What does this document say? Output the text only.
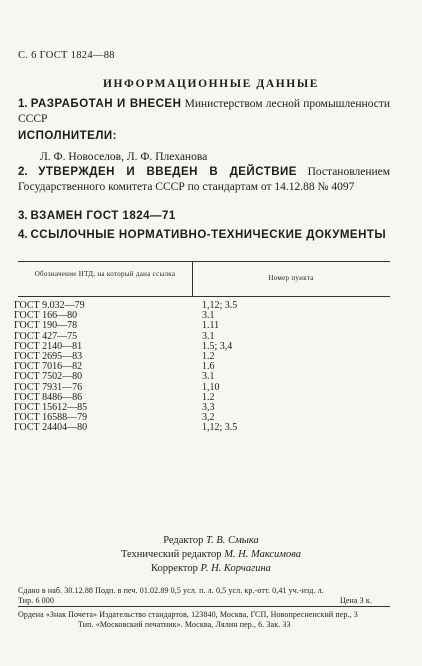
С. 6 ГОСТ 1824—88
ИНФОРМАЦИОННЫЕ ДАННЫЕ
1. РАЗРАБОТАН И ВНЕСЕН Министерством лесной промышленности СССР
ИСПОЛНИТЕЛИ:
Л. Ф. Новоселов, Л. Ф. Плеханова
2. УТВЕРЖДЕН И ВВЕДЕН В ДЕЙСТВИЕ Постановлением Государственного комитета СССР по стандартам от 14.12.88 № 4097
3. ВЗАМЕН ГОСТ 1824—71
4. ССЫЛОЧНЫЕ НОРМАТИВНО-ТЕХНИЧЕСКИЕ ДОКУМЕНТЫ
Обозначение НТД, на который дана ссылка	Номер пункта
ГОСТ 9.032—79	1,12; 3.5
ГОСТ 166—80	3.1
ГОСТ 190—78	1.11
ГОСТ 427—75	3.1
ГОСТ 2140—81	1.5; 3,4
ГОСТ 2695—83	1.2
ГОСТ 7016—82	1.6
ГОСТ 7502—80	3.1
ГОСТ 7931—76	1,10
ГОСТ 8486—86	1.2
ГОСТ 15612—85	3,3
ГОСТ 16588—79	3,2
ГОСТ 24404—80	1,12; 3.5
Редактор Т. В. Смыка
Технический редактор М. Н. Максимова
Корректор Р. Н. Корчагина
Сдано в наб. 30.12.88 Подп. в печ. 01.02.89 0,5 усл. п. л. 0,5 усл. кр.-отт. 0,41 уч.-изд. л.
Тир. 6 000	Цена 3 к.
Ордена «Знак Почета» Издательство стандартов, 123840, Москва, ГСП, Новопресненский пер., 3
Тип. «Московский печатник». Москва, Лялин пер., 6. Зак. 33
